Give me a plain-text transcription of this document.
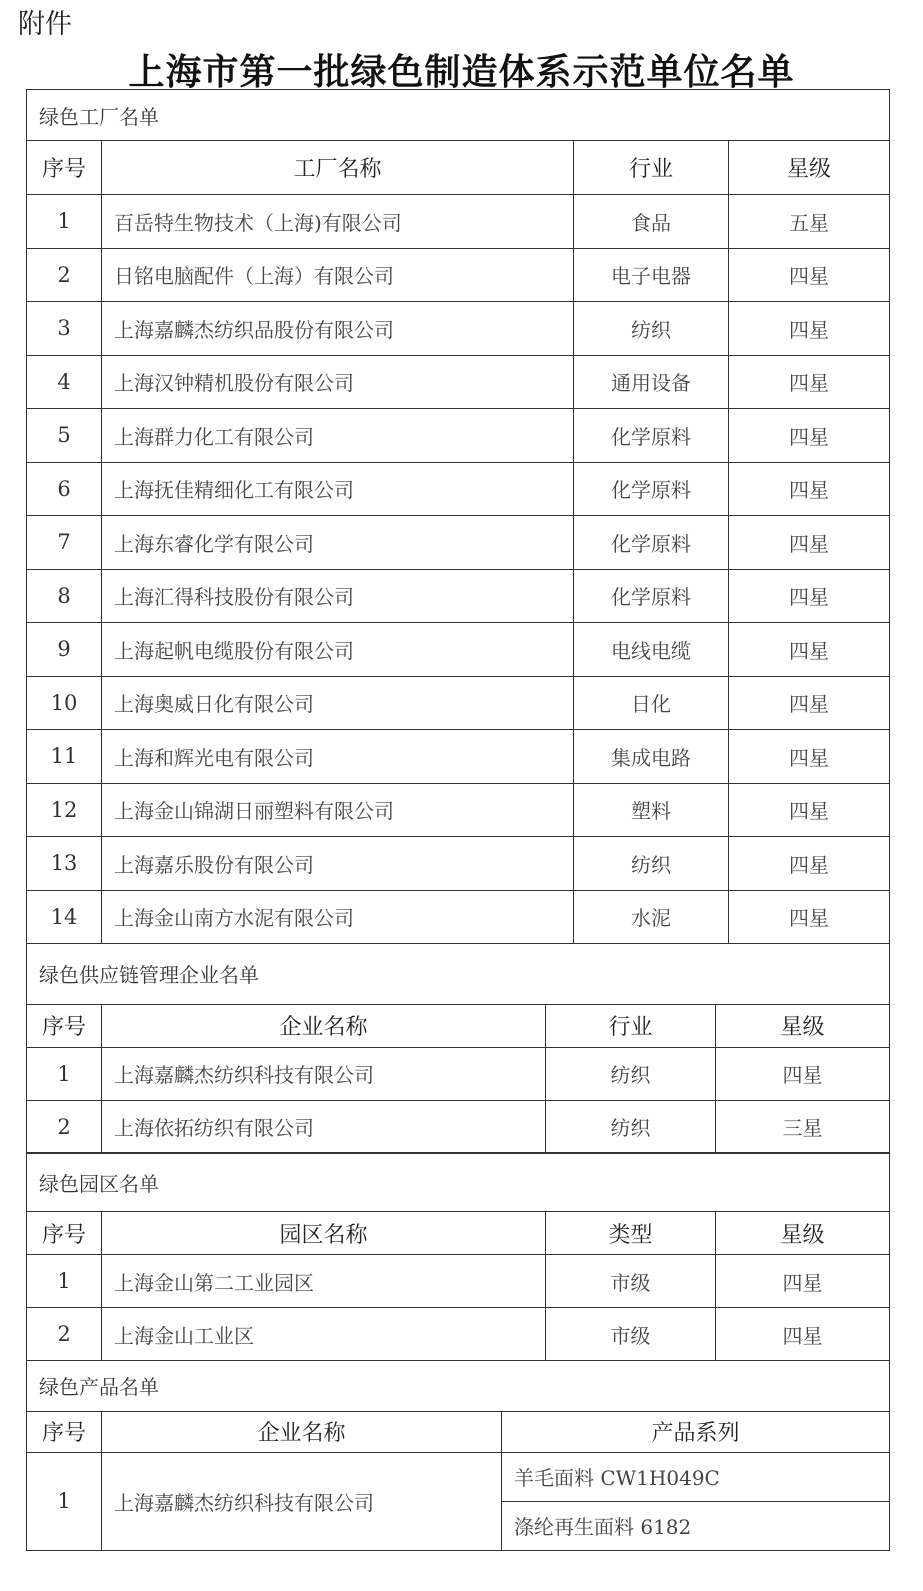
附件
上海市第一批绿色制造体系示范单位名单
绿色工厂名单			
序号	工厂名称	行业	星级
1	百岳特生物技术（上海)有限公司	食品	五星
2	日铭电脑配件（上海）有限公司	电子电器	四星
3	上海嘉麟杰纺织品股份有限公司	纺织	四星
4	上海汉钟精机股份有限公司	通用设备	四星
5	上海群力化工有限公司	化学原料	四星
6	上海抚佳精细化工有限公司	化学原料	四星
7	上海东睿化学有限公司	化学原料	四星
8	上海汇得科技股份有限公司	化学原料	四星
9	上海起帆电缆股份有限公司	电线电缆	四星
10	上海奥威日化有限公司	日化	四星
11	上海和辉光电有限公司	集成电路	四星
12	上海金山锦湖日丽塑料有限公司	塑料	四星
13	上海嘉乐股份有限公司	纺织	四星
14	上海金山南方水泥有限公司	水泥	四星
绿色供应链管理企业名单			
序号	企业名称	行业	星级
1	上海嘉麟杰纺织科技有限公司	纺织	四星
2	上海依拓纺织有限公司	纺织	三星
绿色园区名单			
序号	园区名称	类型	星级
1	上海金山第二工业园区	市级	四星
2	上海金山工业区	市级	四星
绿色产品名单		
序号	企业名称	产品系列
1	上海嘉麟杰纺织科技有限公司	羊毛面料 CW1H049C
		涤纶再生面料 6182
